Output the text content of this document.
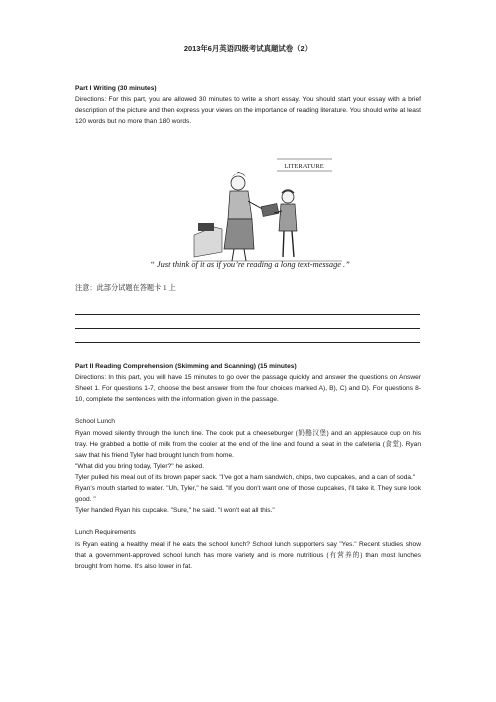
2013年6月英语四级考试真题试卷（2）

Part I Writing (30 minutes)

Directions: For this part, you are allowed 30 minutes to write a short essay. You should start your essay with a brief description of the picture and then express your views on the importance of reading literature. You should write at least 120 words but no more than 180 words.

LITERATURE
“ Just think of it as if you’re reading a long text-message .”
注意：此部分试题在答题卡 1 上

Part II Reading Comprehension (Skimming and Scanning) (15 minutes)

Directions: In this part, you will have 15 minutes to go over the passage quickly and answer the questions on Answer Sheet 1. For questions 1-7, choose the best answer from the four choices marked A), B), C) and D). For questions 8-10, complete the sentences with the information given in the passage.

School Lunch

Ryan moved silently through the lunch line. The cook put a cheeseburger (奶酪汉堡) and an applesauce cup on his tray. He grabbed a bottle of milk from the cooler at the end of the line and found a seat in the cafeteria (食堂). Ryan saw that his friend Tyler had brought lunch from home.

"What did you bring today, Tyler?" he asked.

Tyler pulled his meal out of its brown paper sack. "I've got a ham sandwich, chips, two cupcakes, and a can of soda."

Ryan's mouth started to water. "Uh, Tyler," he said. "If you don't want one of those cupcakes, I'll take it. They sure look good. "

Tyler handed Ryan his cupcake. "Sure," he said. "I won't eat all this."

Lunch Requirements

Is Ryan eating a healthy meal if he eats the school lunch? School lunch supporters say "Yes." Recent studies show that a government-approved school lunch has more variety and is more nutritious (有营养的) than most lunches brought from home. It's also lower in fat.
